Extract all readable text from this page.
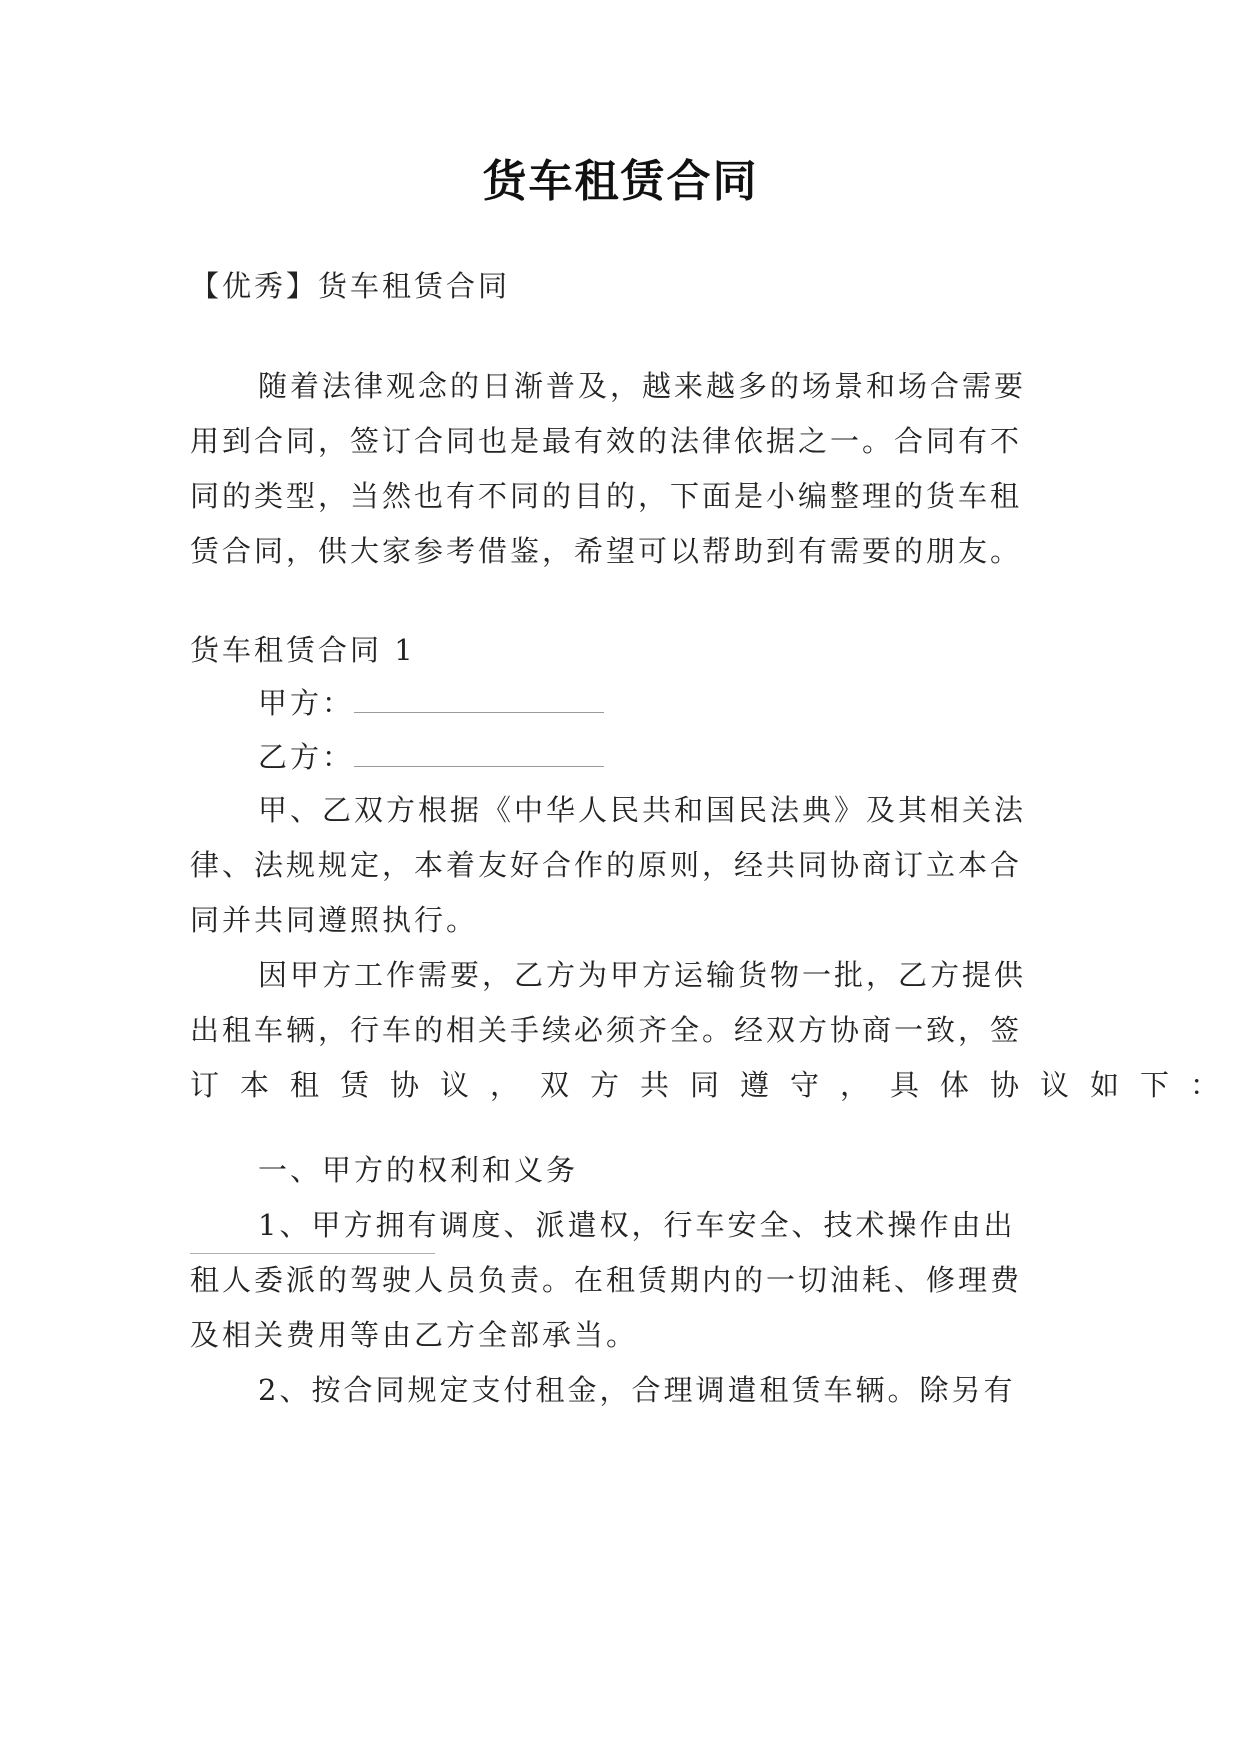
货车租赁合同
【优秀】货车租赁合同
随着法律观念的日渐普及，越来越多的场景和场合需要
用到合同，签订合同也是最有效的法律依据之一。合同有不
同的类型，当然也有不同的目的，下面是小编整理的货车租
赁合同，供大家参考借鉴，希望可以帮助到有需要的朋友。
货车租赁合同 1
甲方：
乙方：
甲、乙双方根据《中华人民共和国民法典》及其相关法
律、法规规定，本着友好合作的原则，经共同协商订立本合
同并共同遵照执行。
因甲方工作需要，乙方为甲方运输货物一批，乙方提供
出租车辆，行车的相关手续必须齐全。经双方协商一致，签
订本租赁协议，双方共同遵守，具体协议如下：
一、甲方的权利和义务
1、甲方拥有调度、派遣权，行车安全、技术操作由出
租人委派的驾驶人员负责。在租赁期内的一切油耗、修理费
及相关费用等由乙方全部承当。
2、按合同规定支付租金，合理调遣租赁车辆。除另有
